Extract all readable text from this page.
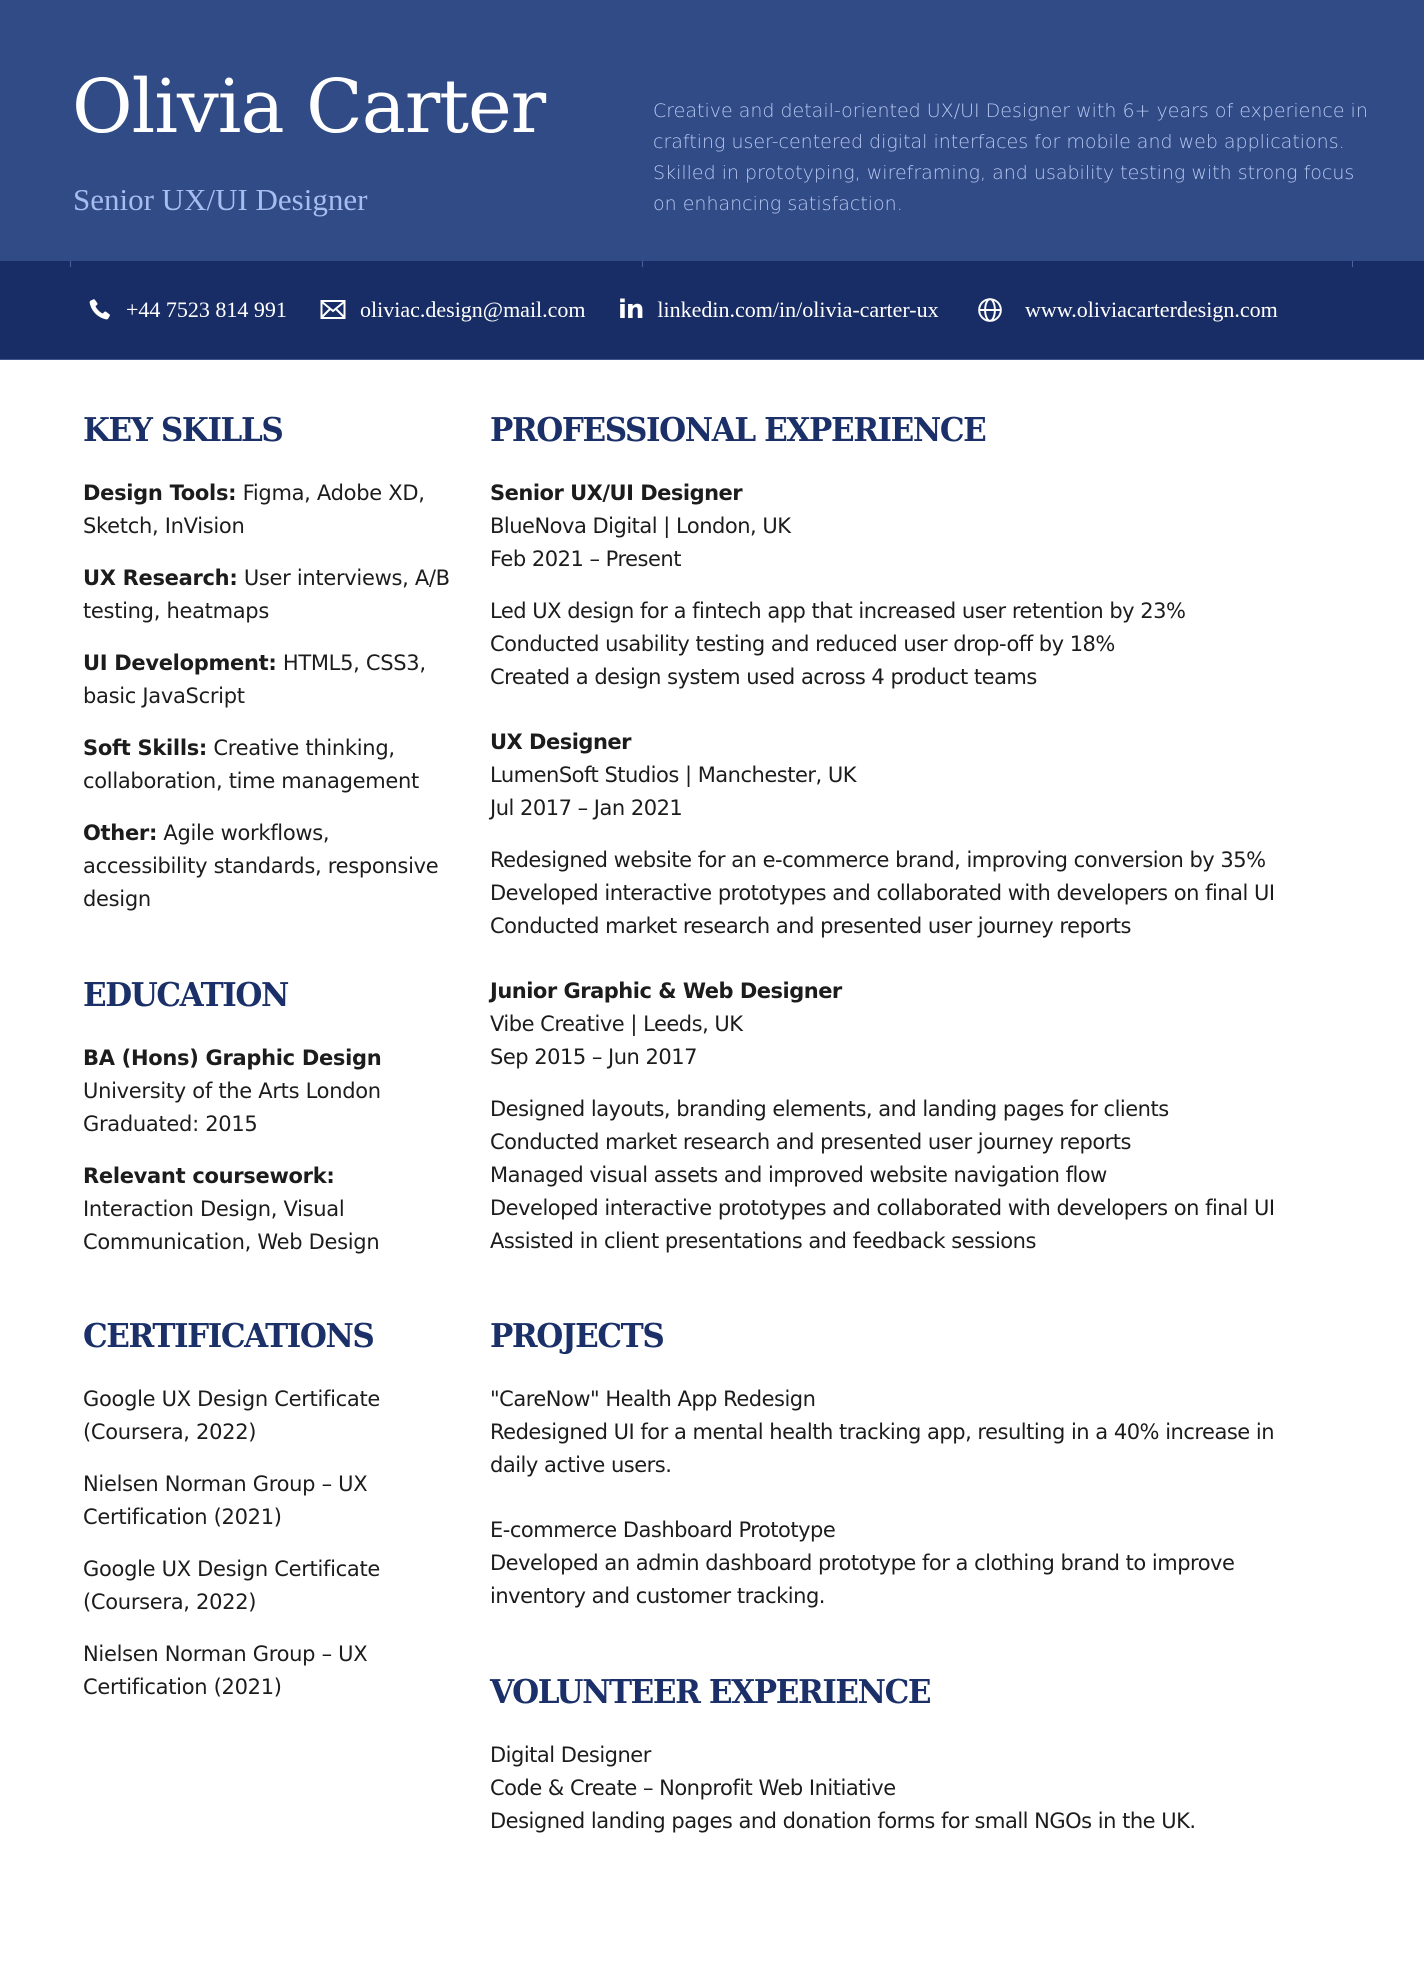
Olivia Carter
Senior UX/UI Designer

Creative and detail-oriented UX/UI Designer with 6+ years of experience in crafting user-centered digital interfaces for mobile and web applications. Skilled in prototyping, wireframing, and usability testing with strong focus on enhancing satisfaction.

+44 7523 814 991	oliviac.design@mail.com in linkedin.com/in/olivia-carter-ux	www.oliviacarterdesign.com
KEY SKILLS

Design Tools: Figma, Adobe XD, Sketch, InVision

UX Research: User interviews, A/B testing, heatmaps

UI Development: HTML5, CSS3, basic JavaScript

Soft Skills: Creative thinking, collaboration, time management

Other: Agile workflows, accessibility standards, responsive design

EDUCATION

BA (Hons) Graphic Design

University of the Arts London

Graduated: 2015

Relevant coursework:

Interaction Design, Visual Communication, Web Design

CERTIFICATIONS

Google UX Design Certificate (Coursera, 2022)

Nielsen Norman Group – UX Certification (2021)

Google UX Design Certificate (Coursera, 2022)

Nielsen Norman Group – UX Certification (2021)

PROFESSIONAL EXPERIENCE

Senior UX/UI Designer

BlueNova Digital | London, UK

Feb 2021 – Present

Led UX design for a fintech app that increased user retention by 23%

Conducted usability testing and reduced user drop-off by 18%

Created a design system used across 4 product teams

UX Designer

LumenSoft Studios | Manchester, UK

Jul 2017 – Jan 2021

Redesigned website for an e-commerce brand, improving conversion by 35%

Developed interactive prototypes and collaborated with developers on final UI

Conducted market research and presented user journey reports

Junior Graphic & Web Designer

Vibe Creative | Leeds, UK

Sep 2015 – Jun 2017

Designed layouts, branding elements, and landing pages for clients

Conducted market research and presented user journey reports

Managed visual assets and improved website navigation flow

Developed interactive prototypes and collaborated with developers on final UI

Assisted in client presentations and feedback sessions

PROJECTS

"CareNow" Health App Redesign

Redesigned UI for a mental health tracking app, resulting in a 40% increase in daily active users.

E-commerce Dashboard Prototype

Developed an admin dashboard prototype for a clothing brand to improve inventory and customer tracking.

VOLUNTEER EXPERIENCE

Digital Designer

Code & Create – Nonprofit Web Initiative

Designed landing pages and donation forms for small NGOs in the UK.
